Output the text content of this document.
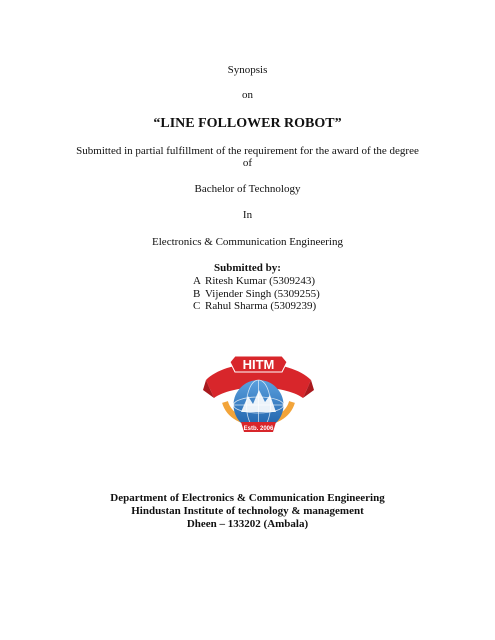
Synopsis

on

“LINE FOLLOWER ROBOT”

Submitted in partial fulfillment of the requirement for the award of the degree

of

Bachelor of Technology

In

Electronics & Communication Engineering

Submitted by:

A Ritesh Kumar (5309243)
B Vijender Singh (5309255)
C Rahul Sharma (5309239)
HITM
Estb. 2006

Department of Electronics & Communication Engineering

Hindustan Institute of technology & management

Dheen – 133202 (Ambala)
